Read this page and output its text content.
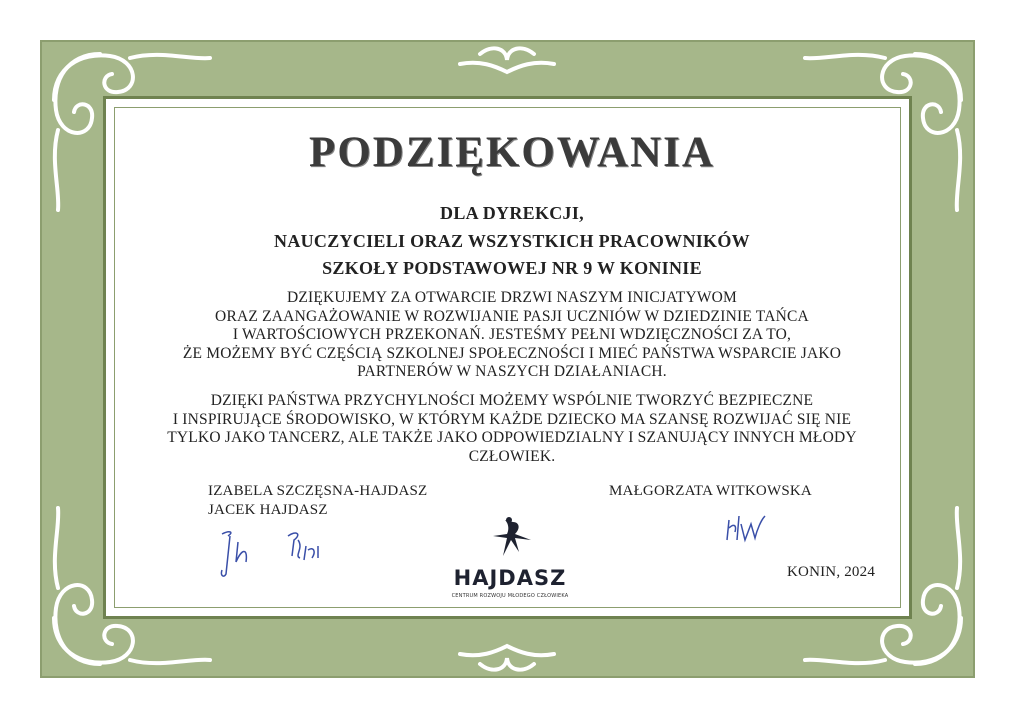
PODZIĘKOWANIA
DLA DYREKCJI,
NAUCZYCIELI ORAZ WSZYSTKICH PRACOWNIKÓW
SZKOŁY PODSTAWOWEJ NR 9 W KONINIE
DZIĘKUJEMY ZA OTWARCIE DRZWI NASZYM INICJATYWOM
ORAZ ZAANGAŻOWANIE W ROZWIJANIE PASJI UCZNIÓW W DZIEDZINIE TAŃCA
I WARTOŚCIOWYCH PRZEKONAŃ. JESTEŚMY PEŁNI WDZIĘCZNOŚCI ZA TO,
ŻE MOŻEMY BYĆ CZĘŚCIĄ SZKOLNEJ SPOŁECZNOŚCI I MIEĆ PAŃSTWA WSPARCIE JAKO
PARTNERÓW W NASZYCH DZIAŁANIACH.
DZIĘKI PAŃSTWA PRZYCHYLNOŚCI MOŻEMY WSPÓLNIE TWORZYĆ BEZPIECZNE
I INSPIRUJĄCE ŚRODOWISKO, W KTÓRYM KAŻDE DZIECKO MA SZANSĘ ROZWIJAĆ SIĘ NIE
TYLKO JAKO TANCERZ, ALE TAKŻE JAKO ODPOWIEDZIALNY I SZANUJĄCY INNYCH MŁODY
CZŁOWIEK.
IZABELA SZCZĘSNA-HAJDASZ
JACEK HAJDASZ
MAŁGORZATA WITKOWSKA
HAJDASZ
CENTRUM ROZWOJU MŁODEGO CZŁOWIEKA
KONIN, 2024
